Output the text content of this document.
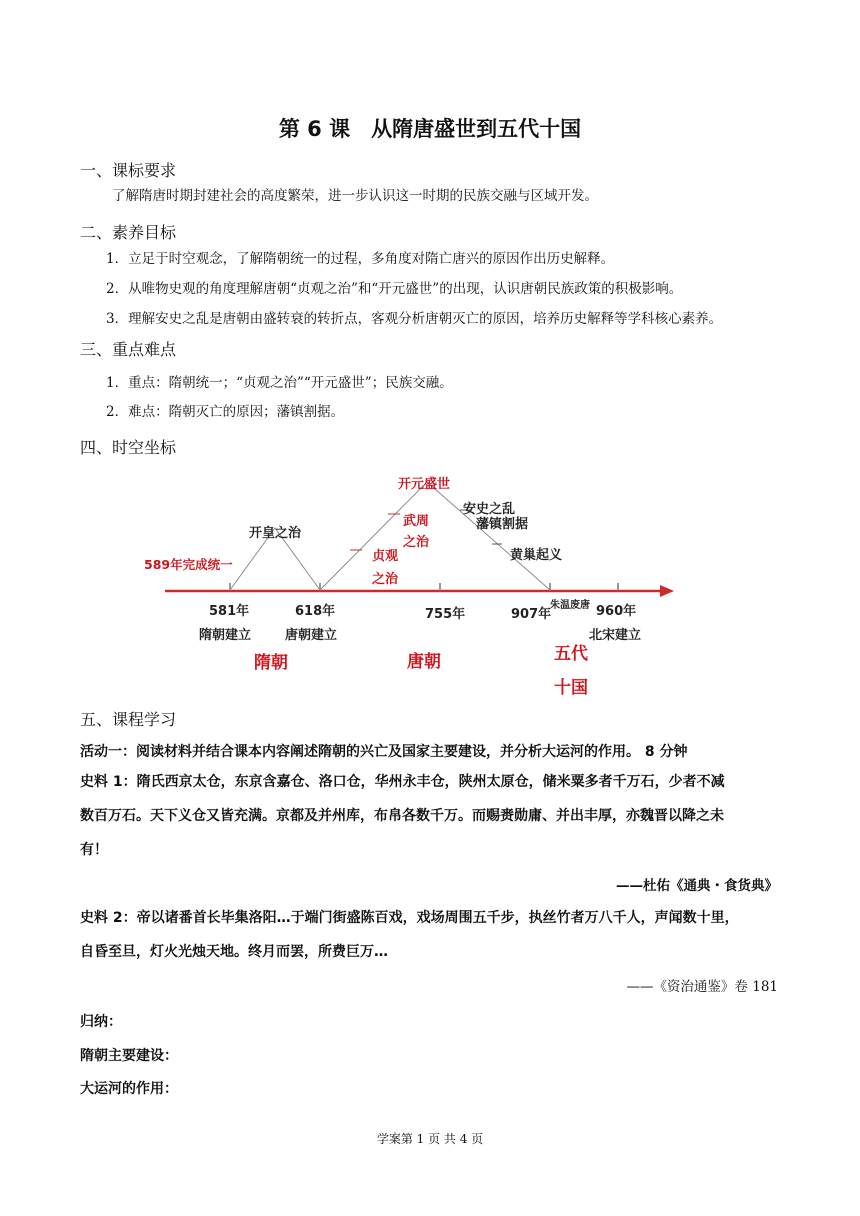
第 6 课　从隋唐盛世到五代十国
一、课标要求
了解隋唐时期封建社会的高度繁荣，进一步认识这一时期的民族交融与区域开发。
二、素养目标
1．立足于时空观念，了解隋朝统一的过程，多角度对隋亡唐兴的原因作出历史解释。
2．从唯物史观的角度理解唐朝“贞观之治”和“开元盛世”的出现，认识唐朝民族政策的积极影响。
3．理解安史之乱是唐朝由盛转衰的转折点，客观分析唐朝灭亡的原因，培养历史解释等学科核心素养。
三、重点难点
1．重点：隋朝统一；“贞观之治”“开元盛世”；民族交融。
2．难点：隋朝灭亡的原因；藩镇割据。
四、时空坐标
开皇之治
开元盛世
安史之乱
藩镇割据
黄巢起义
589年完成统一
武周
之治
贞观
之治
朱温废唐
581年	618年	755年	907年	960年
隋朝建立	唐朝建立	北宋建立
隋朝	唐朝	五代
十国
五、课程学习
活动一：阅读材料并结合课本内容阐述隋朝的兴亡及国家主要建设，并分析大运河的作用。 8 分钟
史料 1：隋氏西京太仓，东京含嘉仓、洛口仓，华州永丰仓，陕州太原仓，储米粟多者千万石，少者不减
数百万石。天下义仓又皆充满。京都及并州库，布帛各数千万。而赐赉勋庸、并出丰厚，亦魏晋以降之未
有！
——杜佑《通典・食货典》
史料 2：帝以诸番首长毕集洛阳…于端门街盛陈百戏，戏场周围五千步，执丝竹者万八千人，声闻数十里，
自昏至旦，灯火光烛天地。终月而罢，所费巨万…
——《资治通鉴》卷 181
归纳：
隋朝主要建设：
大运河的作用：
学案第 1 页 共 4 页
